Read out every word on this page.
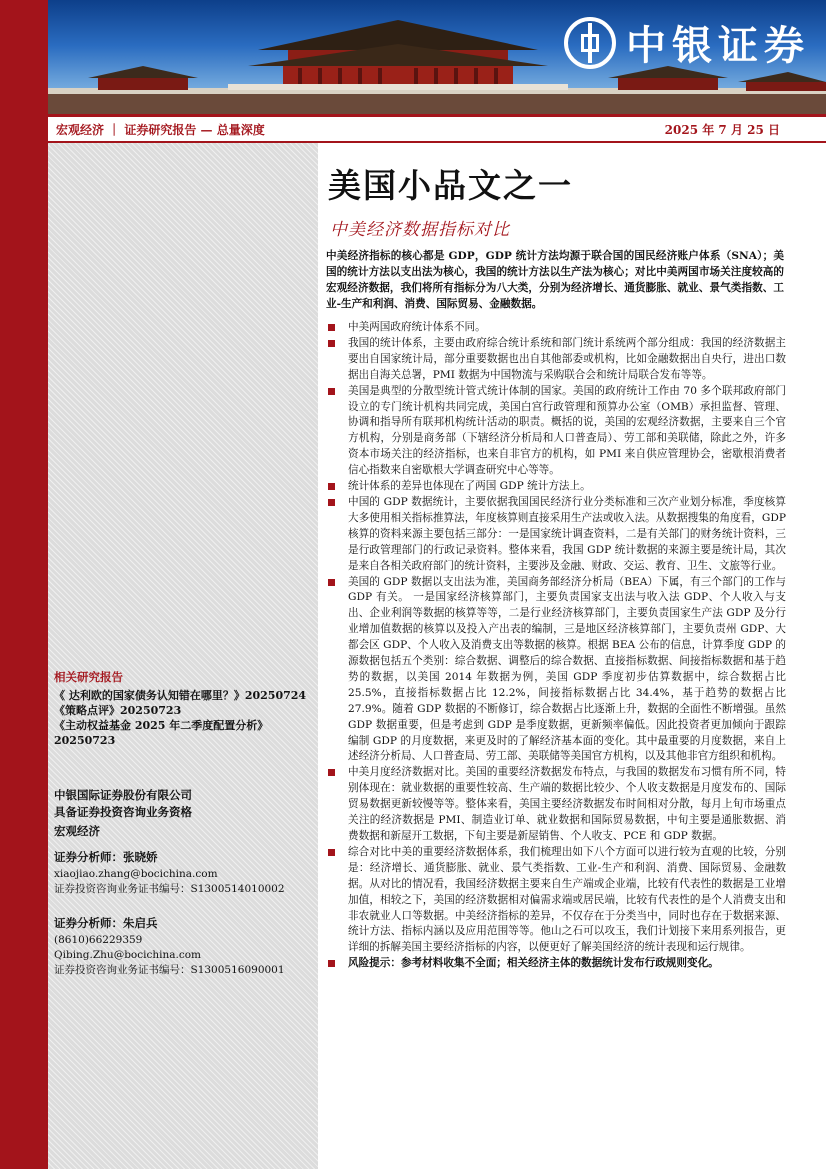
中银证券
宏观经济 ｜ 证券研究报告 — 总量深度	2025 年 7 月 25 日
相关研究报告
《 达利欧的国家债务认知错在哪里？》20250724
《策略点评》20250723
《主动权益基金 2025 年二季度配置分析》20250723
中银国际证券股份有限公司
具备证券投资咨询业务资格
宏观经济
证券分析师：张晓娇
xiaojiao.zhang@bocichina.com
证券投资咨询业务证书编号：S1300514010002
证券分析师：朱启兵
(8610)66229359
Qibing.Zhu@bocichina.com
证券投资咨询业务证书编号：S1300516090001
美国小品文之一
中美经济数据指标对比
中美经济指标的核心都是 GDP，GDP 统计方法均源于联合国的国民经济账户体系（SNA）；美国的统计方法以支出法为核心，我国的统计方法以生产法为核心；对比中美两国市场关注度较高的宏观经济数据，我们将所有指标分为八大类，分别为经济增长、通货膨胀、就业、景气类指数、工业-生产和利润、消费、国际贸易、金融数据。
中美两国政府统计体系不同。
我国的统计体系，主要由政府综合统计系统和部门统计系统两个部分组成：我国的经济数据主要出自国家统计局，部分重要数据也出自其他部委或机构，比如金融数据出自央行，进出口数据出自海关总署，PMI 数据为中国物流与采购联合会和统计局联合发布等等。
美国是典型的分散型统计管式统计体制的国家。美国的政府统计工作由 70 多个联邦政府部门设立的专门统计机构共同完成，美国白宫行政管理和预算办公室（OMB）承担监督、管理、协调和指导所有联邦机构统计活动的职责。概括的说，美国的宏观经济数据，主要来自三个官方机构，分别是商务部（下辖经济分析局和人口普查局）、劳工部和美联储，除此之外，许多资本市场关注的经济指标，也来自非官方的机构，如 PMI 来自供应管理协会，密歇根消费者信心指数来自密歇根大学调查研究中心等等。
统计体系的差异也体现在了两国 GDP 统计方法上。
中国的 GDP 数据统计，主要依据我国国民经济行业分类标准和三次产业划分标准，季度核算大多使用相关指标推算法，年度核算则直接采用生产法或收入法。从数据搜集的角度看，GDP 核算的资料来源主要包括三部分：一是国家统计调查资料，二是有关部门的财务统计资料，三是行政管理部门的行政记录资料。整体来看，我国 GDP 统计数据的来源主要是统计局，其次是来自各相关政府部门的统计资料，主要涉及金融、财政、交运、教育、卫生、文旅等行业。
美国的 GDP 数据以支出法为准，美国商务部经济分析局（BEA）下属，有三个部门的工作与 GDP 有关。 一是国家经济核算部门，主要负责国家支出法与收入法 GDP、个人收入与支出、企业利润等数据的核算等等，二是行业经济核算部门，主要负责国家生产法 GDP 及分行业增加值数据的核算以及投入产出表的编制，三是地区经济核算部门，主要负责州 GDP、大都会区 GDP、个人收入及消费支出等数据的核算。根据 BEA 公布的信息，计算季度 GDP 的源数据包括五个类别：综合数据、调整后的综合数据、直接指标数据、间接指标数据和基于趋势的数据，以美国 2014 年数据为例，美国 GDP 季度初步估算数据中，综合数据占比 25.5%，直接指标数据占比 12.2%，间接指标数据占比 34.4%，基于趋势的数据占比 27.9%。随着 GDP 数据的不断修订，综合数据占比逐渐上升，数据的全面性不断增强。虽然 GDP 数据重要，但是考虑到 GDP 是季度数据，更新频率偏低。因此投资者更加倾向于跟踪编制 GDP 的月度数据，来更及时的了解经济基本面的变化。其中最重要的月度数据，来自上述经济分析局、人口普查局、劳工部、美联储等美国官方机构，以及其他非官方组织和机构。
中美月度经济数据对比。美国的重要经济数据发布特点，与我国的数据发布习惯有所不同，特别体现在：就业数据的重要性较高、生产端的数据比较少、个人收支数据是月度发布的、国际贸易数据更新较慢等等。整体来看，美国主要经济数据发布时间相对分散，每月上旬市场重点关注的经济数据是 PMI、制造业订单、就业数据和国际贸易数据，中旬主要是通胀数据、消费数据和新屋开工数据，下旬主要是新屋销售、个人收支、PCE 和 GDP 数据。
综合对比中美的重要经济数据体系，我们梳理出如下八个方面可以进行较为直观的比较，分别是：经济增长、通货膨胀、就业、景气类指数、工业-生产和利润、消费、国际贸易、金融数据。从对比的情况看，我国经济数据主要来自生产端或企业端，比较有代表性的数据是工业增加值，相较之下，美国的经济数据相对偏需求端或居民端，比较有代表性的是个人消费支出和非农就业人口等数据。中美经济指标的差异，不仅存在于分类当中，同时也存在于数据来源、统计方法、指标内涵以及应用范围等等。他山之石可以攻玉，我们计划接下来用系列报告，更详细的拆解美国主要经济指标的内容，以便更好了解美国经济的统计表现和运行规律。
风险提示：参考材料收集不全面；相关经济主体的数据统计发布行政规则变化。
